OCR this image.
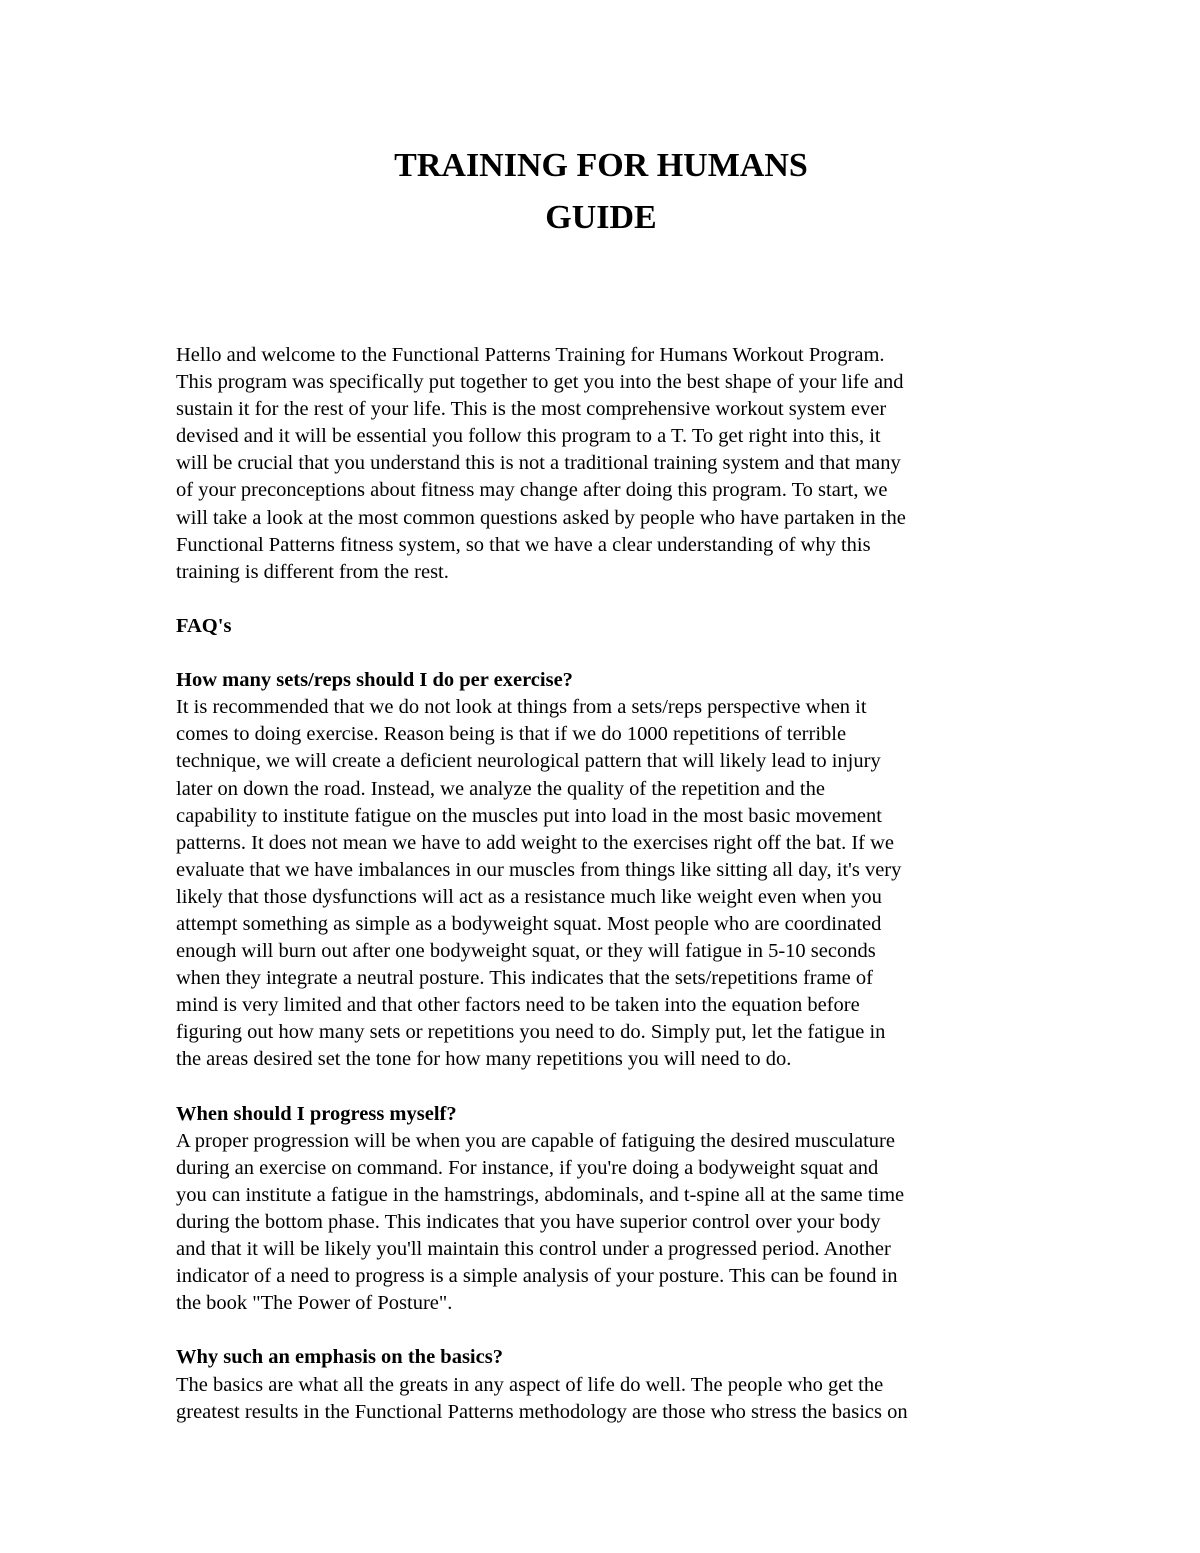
TRAINING FOR HUMANS
GUIDE

Hello and welcome to the Functional Patterns Training for Humans Workout Program.

This program was specifically put together to get you into the best shape of your life and

sustain it for the rest of your life. This is the most comprehensive workout system ever

devised and it will be essential you follow this program to a T. To get right into this, it

will be crucial that you understand this is not a traditional training system and that many

of your preconceptions about fitness may change after doing this program. To start, we

will take a look at the most common questions asked by people who have partaken in the

Functional Patterns fitness system, so that we have a clear understanding of why this

training is different from the rest.

FAQ's

How many sets/reps should I do per exercise?

It is recommended that we do not look at things from a sets/reps perspective when it

comes to doing exercise. Reason being is that if we do 1000 repetitions of terrible

technique, we will create a deficient neurological pattern that will likely lead to injury

later on down the road. Instead, we analyze the quality of the repetition and the

capability to institute fatigue on the muscles put into load in the most basic movement

patterns. It does not mean we have to add weight to the exercises right off the bat. If we

evaluate that we have imbalances in our muscles from things like sitting all day, it's very

likely that those dysfunctions will act as a resistance much like weight even when you

attempt something as simple as a bodyweight squat. Most people who are coordinated

enough will burn out after one bodyweight squat, or they will fatigue in 5-10 seconds

when they integrate a neutral posture. This indicates that the sets/repetitions frame of

mind is very limited and that other factors need to be taken into the equation before

figuring out how many sets or repetitions you need to do. Simply put, let the fatigue in

the areas desired set the tone for how many repetitions you will need to do.

When should I progress myself?

A proper progression will be when you are capable of fatiguing the desired musculature

during an exercise on command. For instance, if you're doing a bodyweight squat and

you can institute a fatigue in the hamstrings, abdominals, and t-spine all at the same time

during the bottom phase. This indicates that you have superior control over your body

and that it will be likely you'll maintain this control under a progressed period. Another

indicator of a need to progress is a simple analysis of your posture. This can be found in

the book "The Power of Posture".

Why such an emphasis on the basics?

The basics are what all the greats in any aspect of life do well. The people who get the

greatest results in the Functional Patterns methodology are those who stress the basics on
